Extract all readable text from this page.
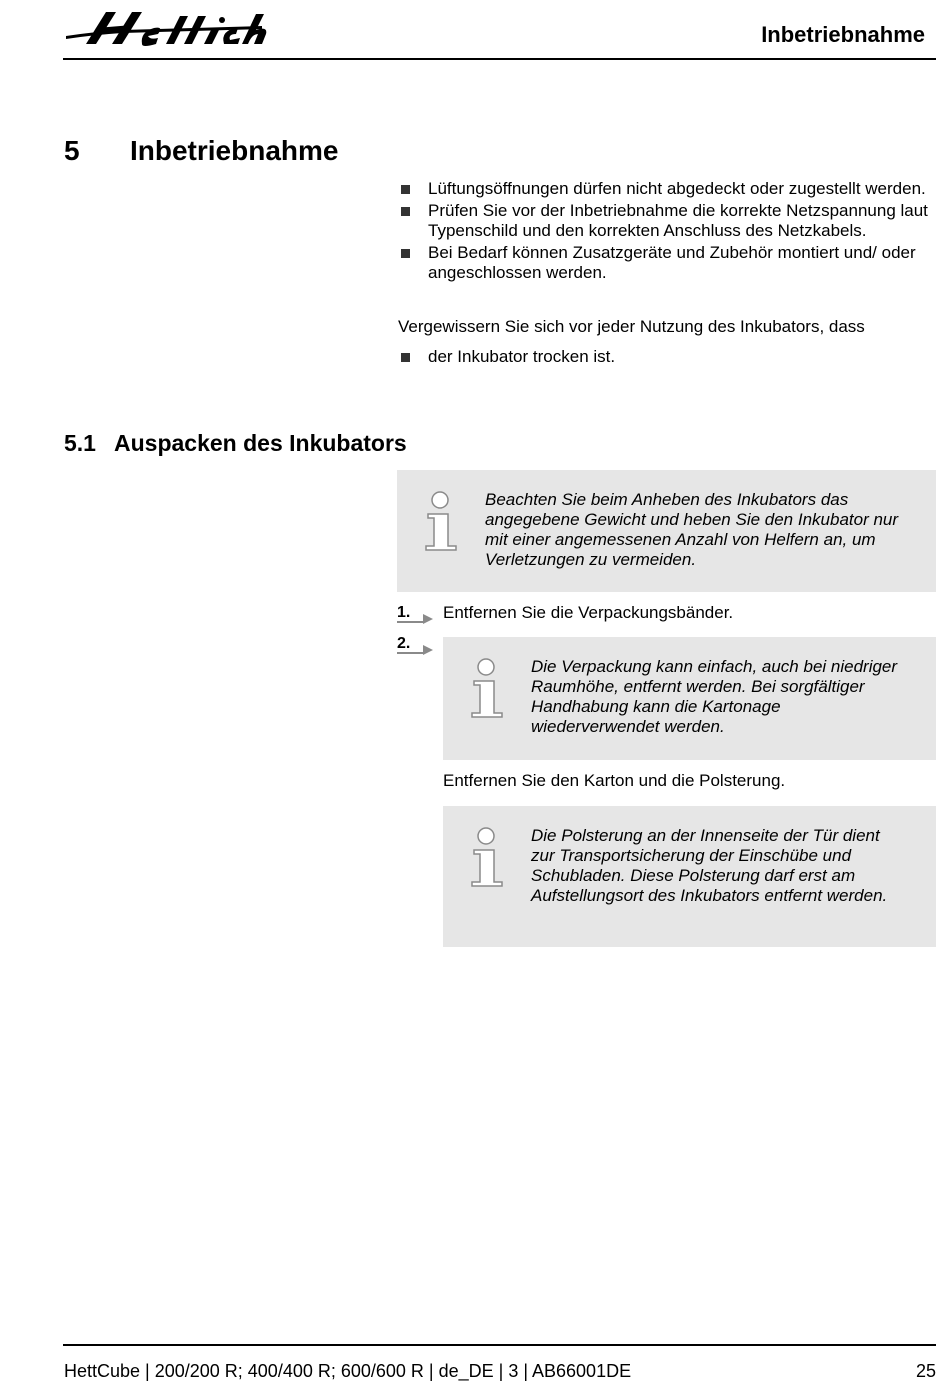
Inbetriebnahme
5 Inbetriebnahme
Lüftungsöffnungen dürfen nicht abgedeckt oder zugestellt werden.
Prüfen Sie vor der Inbetriebnahme die korrekte Netzspannung laut Typenschild und den korrekten Anschluss des Netzkabels.
Bei Bedarf können Zusatzgeräte und Zubehör montiert und/ oder angeschlossen werden.
Vergewissern Sie sich vor jeder Nutzung des Inkubators, dass
der Inkubator trocken ist.
5.1 Auspacken des Inkubators
Beachten Sie beim Anheben des Inkubators das angegebene Gewicht und heben Sie den Inkubator nur mit einer angemessenen Anzahl von Helfern an, um Verletzungen zu vermeiden.
1. Entfernen Sie die Verpackungsbänder.
2.
Die Verpackung kann einfach, auch bei niedriger Raumhöhe, entfernt werden. Bei sorgfältiger Handhabung kann die Kartonage wiederverwendet werden.
Entfernen Sie den Karton und die Polsterung.
Die Polsterung an der Innenseite der Tür dient zur Transportsicherung der Einschübe und Schubladen. Diese Polsterung darf erst am Aufstellungsort des Inkubators entfernt werden.
HettCube | 200/200 R; 400/400 R; 600/600 R | de_DE | 3 | AB66001DE	25
